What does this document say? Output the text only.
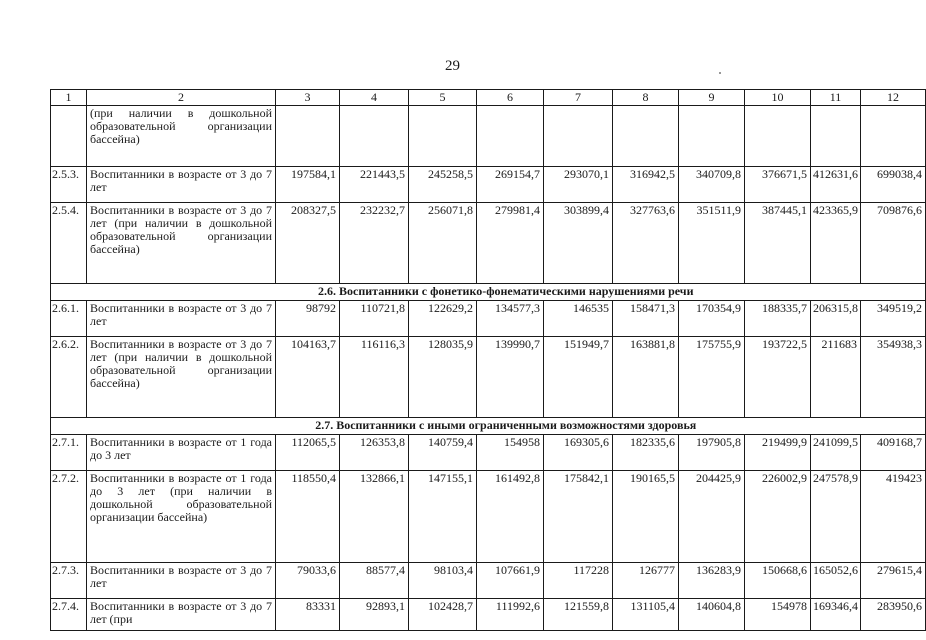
29
1	2	3	4	5	6	7	8	9	10	11	12
	(при наличии в дошкольной образовательной организации бассейна)										
2.5.3.	Воспитанники в возрасте от 3 до 7 лет	197584,1	221443,5	245258,5	269154,7	293070,1	316942,5	340709,8	376671,5	412631,6	699038,4
2.5.4.	Воспитанники в возрасте от 3 до 7 лет (при наличии в дошкольной образовательной организации бассейна)	208327,5	232232,7	256071,8	279981,4	303899,4	327763,6	351511,9	387445,1	423365,9	709876,6
	2.6. Воспитанники с фонетико-фонематическими нарушениями речи										
2.6.1.	Воспитанники в возрасте от 3 до 7 лет	98792	110721,8	122629,2	134577,3	146535	158471,3	170354,9	188335,7	206315,8	349519,2
2.6.2.	Воспитанники в возрасте от 3 до 7 лет (при наличии в дошкольной образовательной организации бассейна)	104163,7	116116,3	128035,9	139990,7	151949,7	163881,8	175755,9	193722,5	211683	354938,3
	2.7. Воспитанники с иными ограниченными возможностями здоровья										
2.7.1.	Воспитанники в возрасте от 1 года до 3 лет	112065,5	126353,8	140759,4	154958	169305,6	182335,6	197905,8	219499,9	241099,5	409168,7
2.7.2.	Воспитанники в возрасте от 1 года до 3 лет (при наличии в дошкольной образовательной организации бассейна)	118550,4	132866,1	147155,1	161492,8	175842,1	190165,5	204425,9	226002,9	247578,9	419423
2.7.3.	Воспитанники в возрасте от 3 до 7 лет	79033,6	88577,4	98103,4	107661,9	117228	126777	136283,9	150668,6	165052,6	279615,4
2.7.4.	Воспитанники в возрасте от 3 до 7 лет (при	83331	92893,1	102428,7	111992,6	121559,8	131105,4	140604,8	154978	169346,4	283950,6
